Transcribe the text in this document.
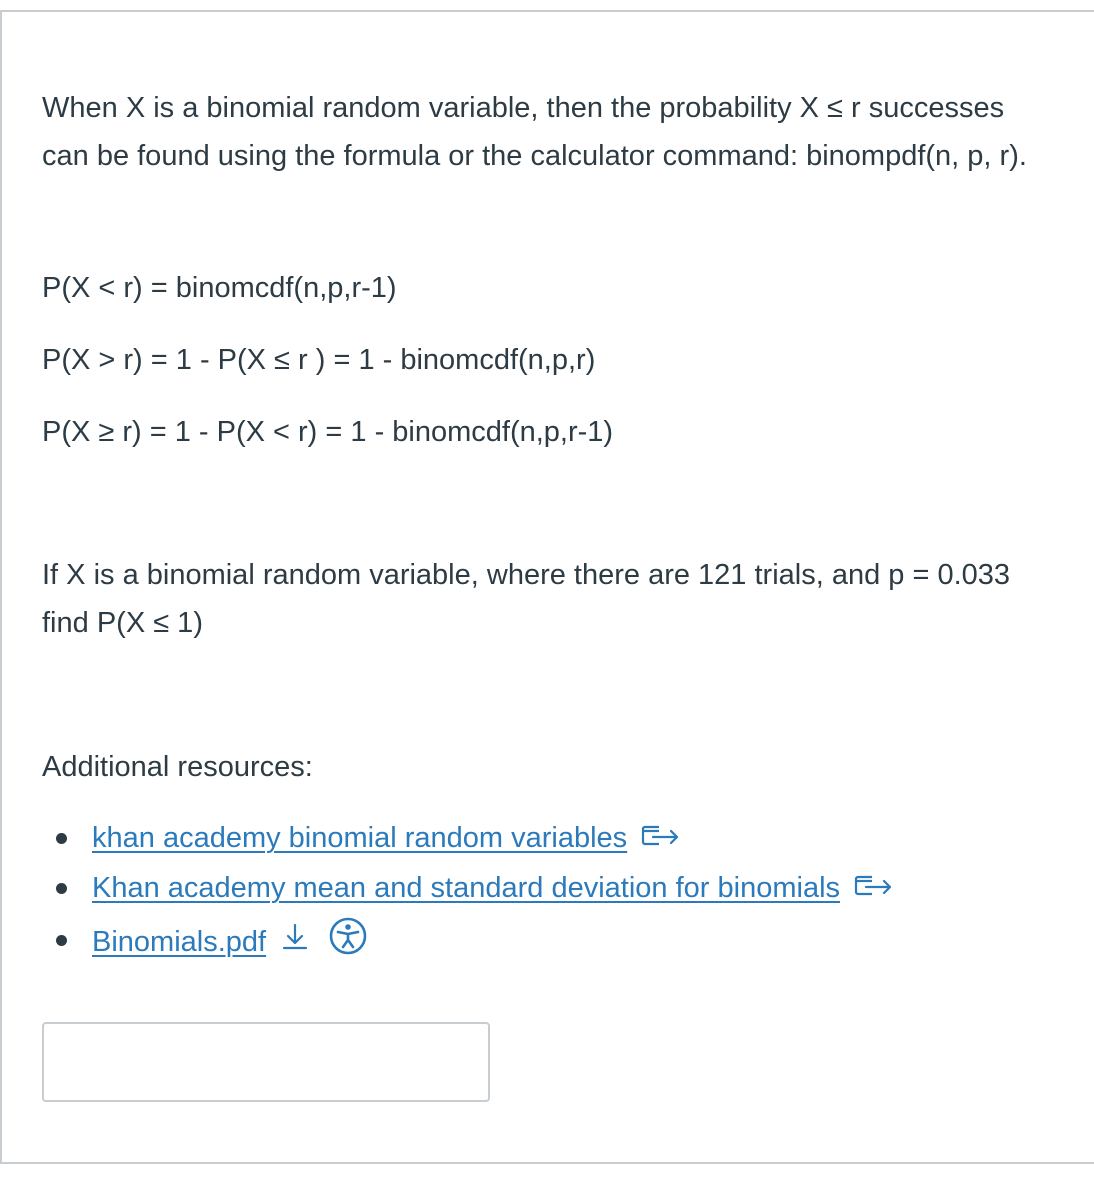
When X is a binomial random variable, then the probability X ≤ r successes can be found using the formula or the calculator command: binompdf(n, p, r).
P(X < r) = binomcdf(n,p,r-1)
P(X > r) = 1 - P(X ≤ r ) = 1 - binomcdf(n,p,r)
P(X ≥ r) = 1 - P(X < r) = 1 - binomcdf(n,p,r-1)
If X is a binomial random variable, where there are 121 trials, and p = 0.033 find P(X ≤ 1)
Additional resources:
khan academy binomial random variables
Khan academy mean and standard deviation for binomials
Binomials.pdf
